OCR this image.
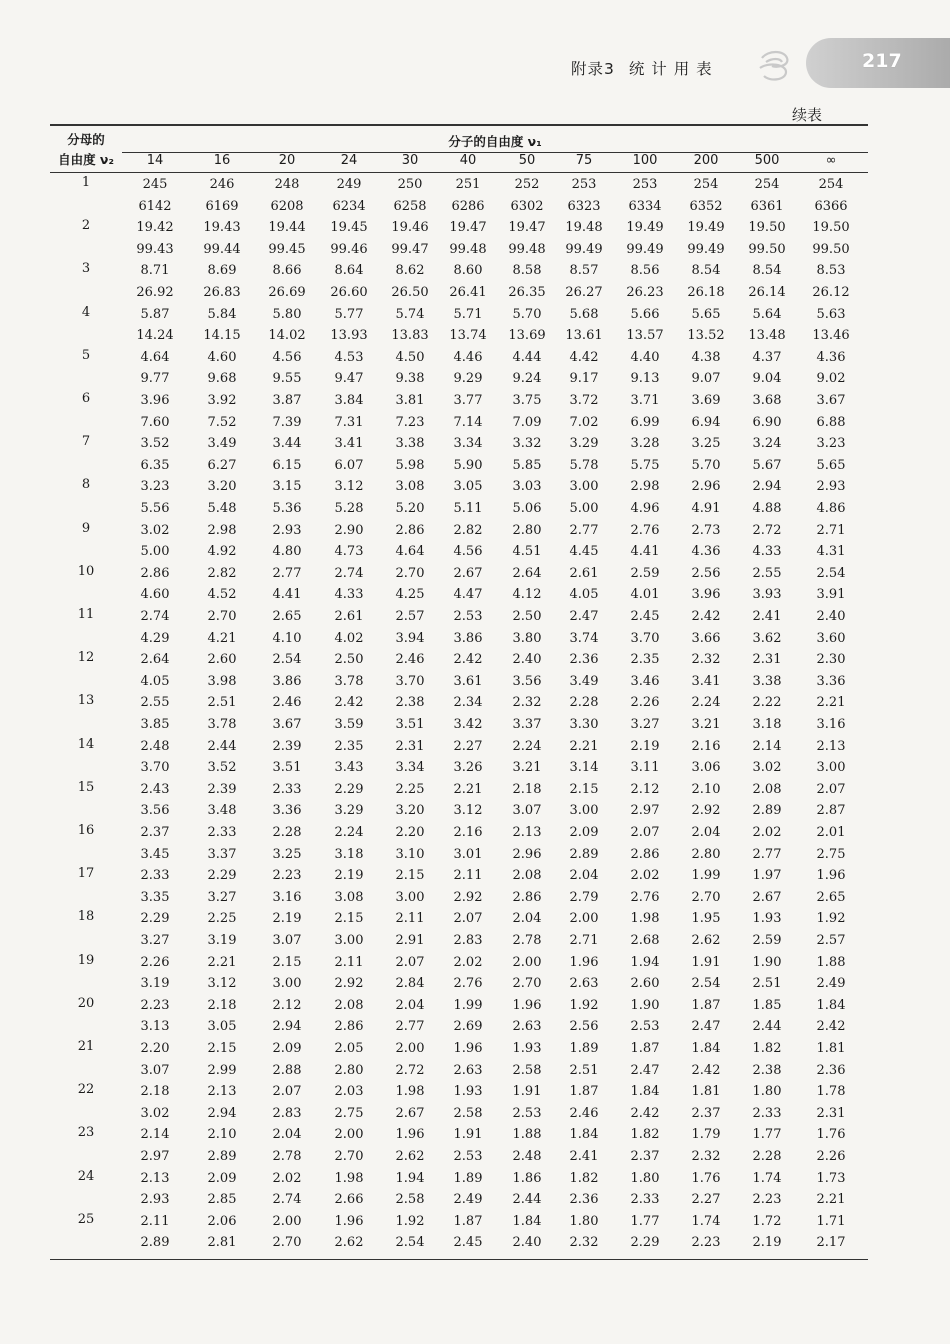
附录3 统 计 用 表	217
续表
分母的
自由度 ν₂
分子的自由度 ν₁
14	16	20	24	30	40	50	75	100	200	500	∞
1	245	246	248	249	250	251	252	253	253	254	254	254
6142	6169	6208	6234	6258	6286	6302	6323	6334	6352	6361	6366
2	19.42	19.43	19.44	19.45	19.46	19.47	19.47	19.48	19.49	19.49	19.50	19.50
99.43	99.44	99.45	99.46	99.47	99.48	99.48	99.49	99.49	99.49	99.50	99.50
3	8.71	8.69	8.66	8.64	8.62	8.60	8.58	8.57	8.56	8.54	8.54	8.53
26.92	26.83	26.69	26.60	26.50	26.41	26.35	26.27	26.23	26.18	26.14	26.12
4	5.87	5.84	5.80	5.77	5.74	5.71	5.70	5.68	5.66	5.65	5.64	5.63
14.24	14.15	14.02	13.93	13.83	13.74	13.69	13.61	13.57	13.52	13.48	13.46
5	4.64	4.60	4.56	4.53	4.50	4.46	4.44	4.42	4.40	4.38	4.37	4.36
9.77	9.68	9.55	9.47	9.38	9.29	9.24	9.17	9.13	9.07	9.04	9.02
6	3.96	3.92	3.87	3.84	3.81	3.77	3.75	3.72	3.71	3.69	3.68	3.67
7.60	7.52	7.39	7.31	7.23	7.14	7.09	7.02	6.99	6.94	6.90	6.88
7	3.52	3.49	3.44	3.41	3.38	3.34	3.32	3.29	3.28	3.25	3.24	3.23
6.35	6.27	6.15	6.07	5.98	5.90	5.85	5.78	5.75	5.70	5.67	5.65
8	3.23	3.20	3.15	3.12	3.08	3.05	3.03	3.00	2.98	2.96	2.94	2.93
5.56	5.48	5.36	5.28	5.20	5.11	5.06	5.00	4.96	4.91	4.88	4.86
9	3.02	2.98	2.93	2.90	2.86	2.82	2.80	2.77	2.76	2.73	2.72	2.71
5.00	4.92	4.80	4.73	4.64	4.56	4.51	4.45	4.41	4.36	4.33	4.31
10	2.86	2.82	2.77	2.74	2.70	2.67	2.64	2.61	2.59	2.56	2.55	2.54
4.60	4.52	4.41	4.33	4.25	4.47	4.12	4.05	4.01	3.96	3.93	3.91
11	2.74	2.70	2.65	2.61	2.57	2.53	2.50	2.47	2.45	2.42	2.41	2.40
4.29	4.21	4.10	4.02	3.94	3.86	3.80	3.74	3.70	3.66	3.62	3.60
12	2.64	2.60	2.54	2.50	2.46	2.42	2.40	2.36	2.35	2.32	2.31	2.30
4.05	3.98	3.86	3.78	3.70	3.61	3.56	3.49	3.46	3.41	3.38	3.36
13	2.55	2.51	2.46	2.42	2.38	2.34	2.32	2.28	2.26	2.24	2.22	2.21
3.85	3.78	3.67	3.59	3.51	3.42	3.37	3.30	3.27	3.21	3.18	3.16
14	2.48	2.44	2.39	2.35	2.31	2.27	2.24	2.21	2.19	2.16	2.14	2.13
3.70	3.52	3.51	3.43	3.34	3.26	3.21	3.14	3.11	3.06	3.02	3.00
15	2.43	2.39	2.33	2.29	2.25	2.21	2.18	2.15	2.12	2.10	2.08	2.07
3.56	3.48	3.36	3.29	3.20	3.12	3.07	3.00	2.97	2.92	2.89	2.87
16	2.37	2.33	2.28	2.24	2.20	2.16	2.13	2.09	2.07	2.04	2.02	2.01
3.45	3.37	3.25	3.18	3.10	3.01	2.96	2.89	2.86	2.80	2.77	2.75
17	2.33	2.29	2.23	2.19	2.15	2.11	2.08	2.04	2.02	1.99	1.97	1.96
3.35	3.27	3.16	3.08	3.00	2.92	2.86	2.79	2.76	2.70	2.67	2.65
18	2.29	2.25	2.19	2.15	2.11	2.07	2.04	2.00	1.98	1.95	1.93	1.92
3.27	3.19	3.07	3.00	2.91	2.83	2.78	2.71	2.68	2.62	2.59	2.57
19	2.26	2.21	2.15	2.11	2.07	2.02	2.00	1.96	1.94	1.91	1.90	1.88
3.19	3.12	3.00	2.92	2.84	2.76	2.70	2.63	2.60	2.54	2.51	2.49
20	2.23	2.18	2.12	2.08	2.04	1.99	1.96	1.92	1.90	1.87	1.85	1.84
3.13	3.05	2.94	2.86	2.77	2.69	2.63	2.56	2.53	2.47	2.44	2.42
21	2.20	2.15	2.09	2.05	2.00	1.96	1.93	1.89	1.87	1.84	1.82	1.81
3.07	2.99	2.88	2.80	2.72	2.63	2.58	2.51	2.47	2.42	2.38	2.36
22	2.18	2.13	2.07	2.03	1.98	1.93	1.91	1.87	1.84	1.81	1.80	1.78
3.02	2.94	2.83	2.75	2.67	2.58	2.53	2.46	2.42	2.37	2.33	2.31
23	2.14	2.10	2.04	2.00	1.96	1.91	1.88	1.84	1.82	1.79	1.77	1.76
2.97	2.89	2.78	2.70	2.62	2.53	2.48	2.41	2.37	2.32	2.28	2.26
24	2.13	2.09	2.02	1.98	1.94	1.89	1.86	1.82	1.80	1.76	1.74	1.73
2.93	2.85	2.74	2.66	2.58	2.49	2.44	2.36	2.33	2.27	2.23	2.21
25	2.11	2.06	2.00	1.96	1.92	1.87	1.84	1.80	1.77	1.74	1.72	1.71
2.89	2.81	2.70	2.62	2.54	2.45	2.40	2.32	2.29	2.23	2.19	2.17
